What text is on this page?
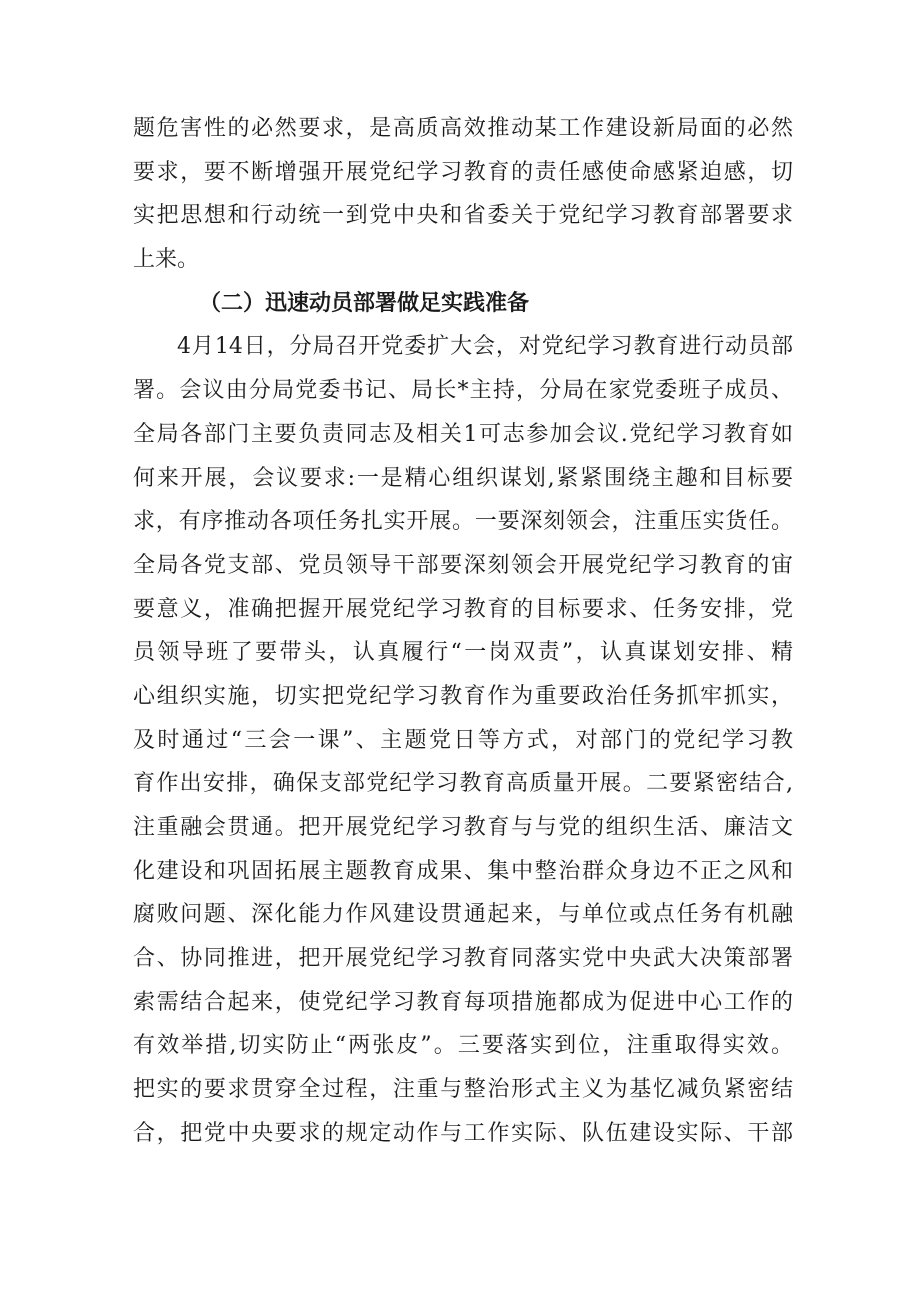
题危害性的必然要求，是高质高效推动某工作建设新局面的必然
要求，要不断增强开展党纪学习教育的责任感使命感紧迫感，切
实把思想和行动统一到党中央和省委关于党纪学习教育部署要求
上来。
（二）迅速动员部署做足实践准备
4月14日，分局召开党委扩大会，对党纪学习教育进行动员部
署。会议由分局党委书记、局长*主持，分局在家党委班子成员、
全局各部门主要负责同志及相关1可志参加会议.党纪学习教育如
何来开展，会议要求:一是精心组织谋划,紧紧围绕主趣和目标要
求，有序推动各项任务扎实开展。一要深刻领会，注重压实货任。
全局各党支部、党员领导干部要深刻领会开展党纪学习教育的宙
要意义，准确把握开展党纪学习教育的目标要求、任务安排，党
员领导班了要带头，认真履行“一岗双责”，认真谋划安排、精
心组织实施，切实把党纪学习教育作为重要政治任务抓牢抓实，
及时通过“三会一课”、主题党日等方式，对部门的党纪学习教
育作出安排，确保支部党纪学习教育高质量开展。二要紧密结合,
注重融会贯通。把开展党纪学习教育与与党的组织生活、廉洁文
化建设和巩固拓展主题教育成果、集中整治群众身边不正之风和
腐败问题、深化能力作风建设贯通起来，与单位或点任务有机融
合、协同推进，把开展党纪学习教育同落实党中央武大决策部署
索需结合起来，使党纪学习教育每项措施都成为促进中心工作的
有效举措,切实防止“两张皮”。三要落实到位，注重取得实效。
把实的要求贯穿全过程，注重与整治形式主义为基忆减负紧密结
合，把党中央要求的规定动作与工作实际、队伍建设实际、干部
